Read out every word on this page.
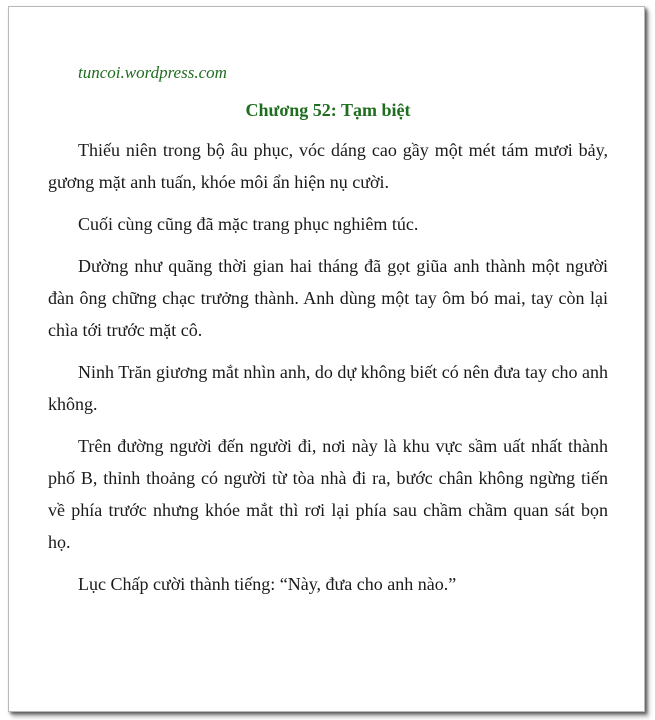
tuncoi.wordpress.com
Chương 52: Tạm biệt

Thiếu niên trong bộ âu phục, vóc dáng cao gầy một mét tám mươi bảy, gương mặt anh tuấn, khóe môi ẩn hiện nụ cười.

Cuối cùng cũng đã mặc trang phục nghiêm túc.

Dường như quãng thời gian hai tháng đã gọt giũa anh thành một người đàn ông chững chạc trưởng thành. Anh dùng một tay ôm bó mai, tay còn lại chìa tới trước mặt cô.

Ninh Trăn giương mắt nhìn anh, do dự không biết có nên đưa tay cho anh không.

Trên đường người đến người đi, nơi này là khu vực sầm uất nhất thành phố B, thỉnh thoảng có người từ tòa nhà đi ra, bước chân không ngừng tiến về phía trước nhưng khóe mắt thì rơi lại phía sau chầm chầm quan sát bọn họ.

Lục Chấp cười thành tiếng: “Này, đưa cho anh nào.”
